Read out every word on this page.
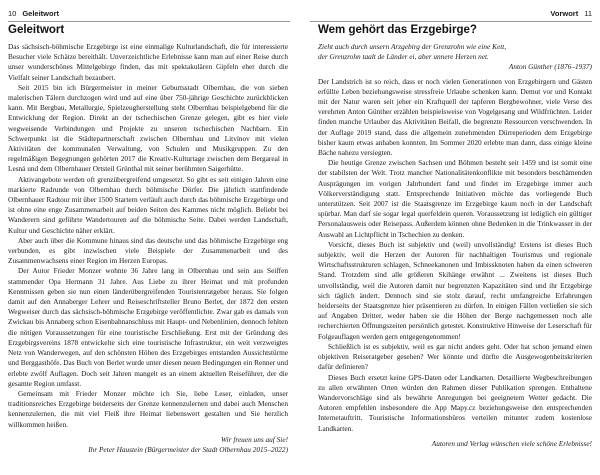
10 Geleitwort
Geleitwort

Das sächsisch-böhmische Erzgebirge ist eine einmalige Kulturlandschaft, die für interessierte Besucher viele Schätze bereithält. Unverzeichtliche Erlebnisse kann man auf einer Reise durch unser wunderschönes Mittelgebirge finden, das mit spektakulären Gipfeln eher durch die Vielfalt seiner Landschaft bezaubert.

Seit 2015 bin ich Bürgermeister in meiner Geburtsstadt Olbernhau, die von sieben malerischen Tälern durchzogen wird und auf eine über 750-jährige Geschichte zurückblicken kann. Mit Bergbau, Metallurgie, Spielzeugherstellung steht Olbernhau beispielgebend für die Entwicklung der Region. Direkt an der tschechischen Grenze gelegen, gibt es hier viele wegweisende Verbindungen und Projekte zu unseren tschechischen Nachbarn. Ein Schwerpunkt ist die Städtepartnerschaft zwischen Olbernhau und Litvínov mit vielen Aktivitäten der kommunalen Verwaltung, von Schulen und Musikgruppen. Zu den regelmäßigen Begegnungen gehörten 2017 die Kreativ-Kulturtage zwischen dem Bergareal in Lesná und dem Olbernhauer Ortsteil Grünthal mit seiner berühmten Saigerhütte.

Aktivangebote werden oft grenzübergreifend umgesetzt. So gibt es seit einigen Jahren eine markierte Radrunde von Olbernhau durch böhmische Dörfer. Die jährlich stattfindende Olbernhauer Radtour mit über 1500 Startern verläuft auch durch das böhmische Erzgebirge und ist ohne eine enge Zusammenarbeit auf beiden Seiten des Kammes nicht möglich. Beliebt bei Wanderern sind geführte Wandertouren auf die böhmische Seite. Dabei werden Landschaft, Kultur und Geschichte näher erklärt.

Aber auch über die Kommune hinaus sind das deutsche und das böhmische Erzgebirge eng verbunden, es gibt inzwischen viele Beispiele der Zusammenarbeit und des Zusammenwachsens einer Region im Herzen Europas.

Der Autor Frieder Monzer wohnte 36 Jahre lang in Olbernhau und sein aus Seiffen stammender Opa Hermann 31 Jahre. Aus Liebe zu ihrer Heimat und mit profunden Kenntnissen geben sie nun einen länderübergreifenden Touristenratgeber heraus. Sie folgen damit auf den Annaberger Lehrer und Reiseschriftsteller Bruno Berlet, der 1872 den ersten Wegweiser durch das sächsisch-böhmische Erzgebirge veröffentlichte. Zwar gab es damals von Zwickau bis Annaberg schon Eisenbahnanschluss mit Haupt- und Nebenlinien, dennoch fehlten die nötigen Voraussetzungen für eine touristische Erschließung. Erst mit der Gründung des Erzgebirgsvereins 1878 entwickelte sich eine touristische Infrastruktur, ein weit verzweigtes Netz von Wanderwegen, auf den schönsten Höhen des Erzgebirges entstanden Aussichtstürme und Berggasthöfe. Das Buch von Berlet wurde unter diesen neuen Bedingungen ein Renner und erlebte zwölf Auflagen. Doch seit Jahren mangelt es an einem aktuellen Reiseführer, der die gesamte Region umfasst.

Gemeinsam mit Frieder Monzer möchte ich Sie, liebe Leser, einladen, unser traditionsreiches Erzgebirge beiderseits der Grenze kennenzulernen und dabei auch Menschen kennenzulernen, die mit viel Fleiß ihre Heimat liebenswert gestalten und Sie herzlich willkommen heißen.

Wir freuen uns auf Sie!

Ihr Peter Haustein (Bürgermeister der Stadt Olbernhau 2015–2022)

Vorwort 11
Wem gehört das Erzgebirge?

Zieht auch durch unsern Arzgebirg der Grenzrohn wie eine Kett,

der Grenzrohn taalt de Länder ei, aber unnere Herzen net.

Anton Günther (1876–1937)

Der Landstrich ist so reich, dass er noch vielen Generationen von Erzgebirgern und Gästen erfüllte Leben beziehungsweise stressfreie Urlaube schenken kann. Demut vor und Kontakt mit der Natur waren seit jeher ein Kraftquell der tapferen Bergbewohner, viele Verse des verehrten Anton Günther erzählen beispielsweise von Vogelgesang und Wildfrüchten. Leider finden manche Urlauber das Aktivitäten Beifall, die begrenzte Ressourcen verschwenden. In der Auflage 2019 stand, dass die allgemein zunehmenden Dürreperioden dem Erzgebirge bisher kaum etwas anhaben konnten. Im Sommer 2020 erlebte man dann, dass einige kleine Bäche nahezu versiegten.

Die heutige Grenze zwischen Sachsen und Böhmen besteht seit 1459 und ist somit eine der stabilsten der Welt. Trotz mancher Nationalitätenkonflikte mit besonders beschämenden Ausprägungen im vorigen Jahrhundert fand und findet im Erzgebirge immer auch Völkerverständigung statt. Entsprechende Initiativen möchte das vorliegende Buch unterstützen. Seit 2007 ist die Staatsgrenze im Erzgebirge kaum noch in der Landschaft spürbar. Man darf sie sogar legal querfeldein queren. Voraussetzung ist lediglich ein gültiger Personalausweis oder Reisepass. Außerdem können ohne Bedenken in die Trinkwasser in der Auswahl an Lichtpflicht in Tschechien zu denken.

Vorsicht, dieses Buch ist subjektiv und (weil) unvollständig! Erstens ist dieses Buch subjektiv, weil die Herzen der Autoren für nachhaltigen Tourismus und regionale Wirtschaftsstrukturen schlagen, Schneekanonen und Imbissknoten haben da einen schweren Stand. Trotzdem sind alle größeren Skihänge erwähnt ... Zweitens ist dieses Buch unvollständig, weil die Autoren damit nur begrenzten Kapazitäten sind und ihr Erzgebirge sich täglich ändert. Dennoch sind sie stolz darauf, recht umfangreiche Erfahrungen beiderseits der Staatsgrenze hier präsentieren zu dürfen. In einigen Fällen verließen sie sich auf Angaben Dritter, weder haben sie die Höhen der Berge nachgemessen noch alle recherchierten Öffnungszeiten persönlich getestet. Konstruktive Hinweise der Leserschaft für Folgeauflagen werden gern entgegengenommen!

Schließlich ist es subjektiv, weil es gar nicht anders geht. Oder hat schon jemand einen objektiven Reiseratgeber gesehen? Wer könnte und dürfte die Ausgewogenheitskriterien dafür definieren?

Dieses Buch ersetzt keine GPS-Daten oder Landkarten. Detaillierte Wegbeschreibungen zu allen erwähnten Orten würden den Rahmen dieser Publikation sprengen. Enthaltene Wandervorschläge sind als bewährte Anregungen bei geeignetem Wetter gedacht. Die Autoren empfehlen insbesondere die App Mapy.cz beziehungsweise den entsprechenden Internetauftritt. Touristische Informationsbüros verteilen mitunter zudem kostenlose Landkarten.

Autoren und Verlag wünschen viele schöne Erlebnisse!
